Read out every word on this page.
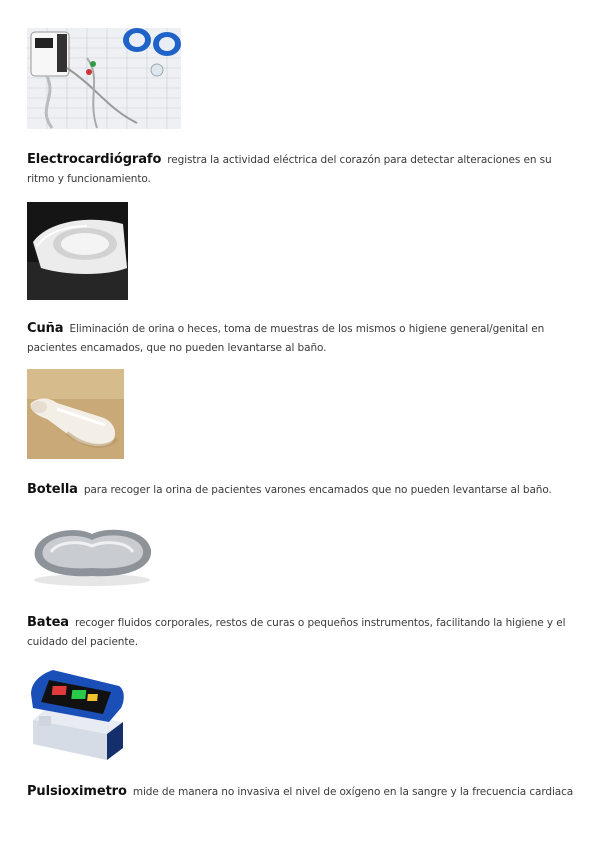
Electrocardiógrafo registra la actividad eléctrica del corazón para detectar alteraciones en su ritmo y funcionamiento.
Cuña Eliminación de orina o heces, toma de muestras de los mismos o higiene general/genital en pacientes encamados, que no pueden levantarse al baño.
Botella para recoger la orina de pacientes varones encamados que no pueden levantarse al baño.
Batea recoger fluidos corporales, restos de curas o pequeños instrumentos, facilitando la higiene y el cuidado del paciente.
Pulsioximetro mide de manera no invasiva el nivel de oxígeno en la sangre y la frecuencia cardiaca
